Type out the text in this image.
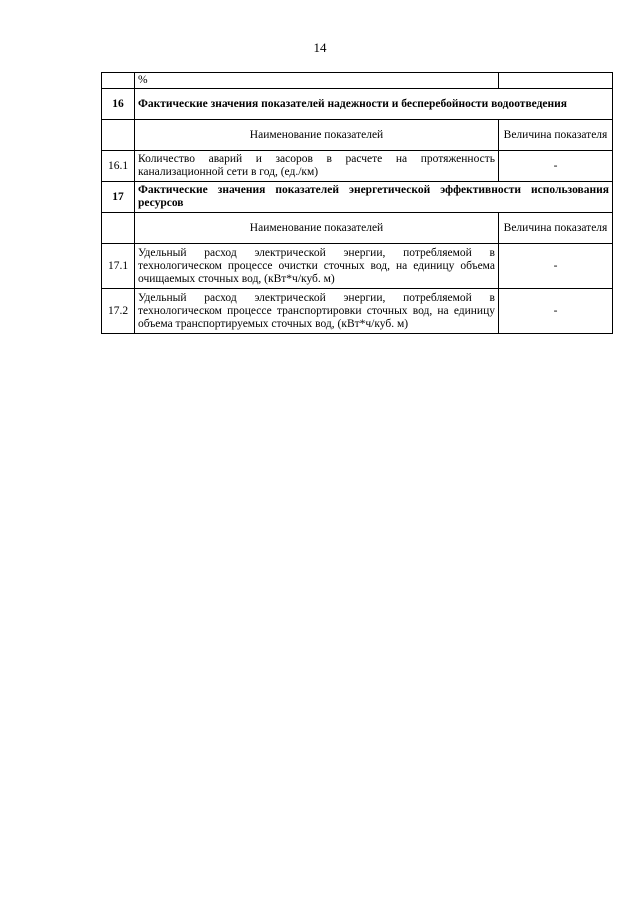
14
	%	
16	Фактические значения показателей надежности и бесперебойности водоотведения	
	Наименование показателей	Величина показателя
16.1	Количество аварий и засоров в расчете на протяженность канализационной сети в год, (ед./км)	-
17	Фактические значения показателей энергетической эффективности использования ресурсов	
	Наименование показателей	Величина показателя
17.1	Удельный расход электрической энергии, потребляемой в технологическом процессе очистки сточных вод, на единицу объема очищаемых сточных вод, (кВт*ч/куб. м)	-
17.2	Удельный расход электрической энергии, потребляемой в технологическом процессе транспортировки сточных вод, на единицу объема транспортируемых сточных вод, (кВт*ч/куб. м)	-
